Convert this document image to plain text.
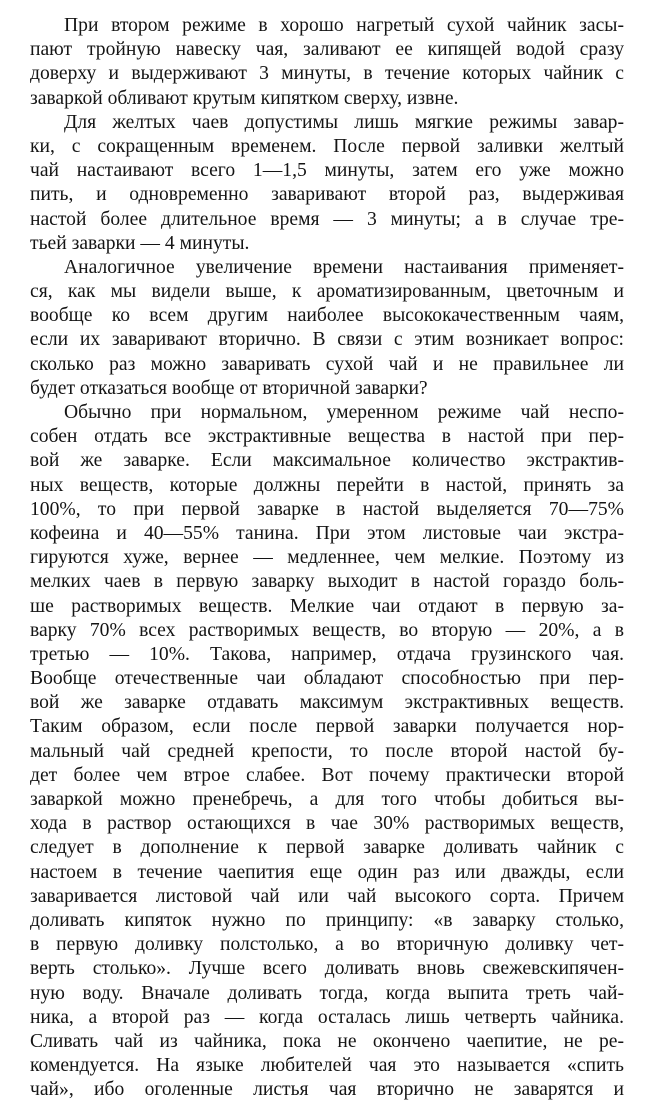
При втором режиме в хорошо нагретый сухой чайник засы-
пают тройную навеску чая, заливают ее кипящей водой сразу
доверху и выдерживают 3 минуты, в течение которых чайник с
заваркой обливают крутым кипятком сверху, извне.
Для желтых чаев допустимы лишь мягкие режимы завар-
ки, с сокращенным временем. После первой заливки желтый
чай настаивают всего 1—1,5 минуты, затем его уже можно
пить, и одновременно заваривают второй раз, выдерживая
настой более длительное время — 3 минуты; а в случае тре-
тьей заварки — 4 минуты.
Аналогичное увеличение времени настаивания применяет-
ся, как мы видели выше, к ароматизированным, цветочным и
вообще ко всем другим наиболее высококачественным чаям,
если их заваривают вторично. В связи с этим возникает вопрос:
сколько раз можно заваривать сухой чай и не правильнее ли
будет отказаться вообще от вторичной заварки?
Обычно при нормальном, умеренном режиме чай неспо-
собен отдать все экстрактивные вещества в настой при пер-
вой же заварке. Если максимальное количество экстрактив-
ных веществ, которые должны перейти в настой, принять за
100%, то при первой заварке в настой выделяется 70—75%
кофеина и 40—55% танина. При этом листовые чаи экстра-
гируются хуже, вернее — медленнее, чем мелкие. Поэтому из
мелких чаев в первую заварку выходит в настой гораздо боль-
ше растворимых веществ. Мелкие чаи отдают в первую за-
варку 70% всех растворимых веществ, во вторую — 20%, а в
третью — 10%. Такова, например, отдача грузинского чая.
Вообще отечественные чаи обладают способностью при пер-
вой же заварке отдавать максимум экстрактивных веществ.
Таким образом, если после первой заварки получается нор-
мальный чай средней крепости, то после второй настой бу-
дет более чем втрое слабее. Вот почему практически второй
заваркой можно пренебречь, а для того чтобы добиться вы-
хода в раствор остающихся в чае 30% растворимых веществ,
следует в дополнение к первой заварке доливать чайник с
настоем в течение чаепития еще один раз или дважды, если
заваривается листовой чай или чай высокого сорта. Причем
доливать кипяток нужно по принципу: «в заварку столько,
в первую доливку полстолько, а во вторичную доливку чет-
верть столько». Лучше всего доливать вновь свежевскипячен-
ную воду. Вначале доливать тогда, когда выпита треть чай-
ника, а второй раз — когда осталась лишь четверть чайника.
Сливать чай из чайника, пока не окончено чаепитие, не ре-
комендуется. На языке любителей чая это называется «спить
чай», ибо оголенные листья чая вторично не заварятся и
